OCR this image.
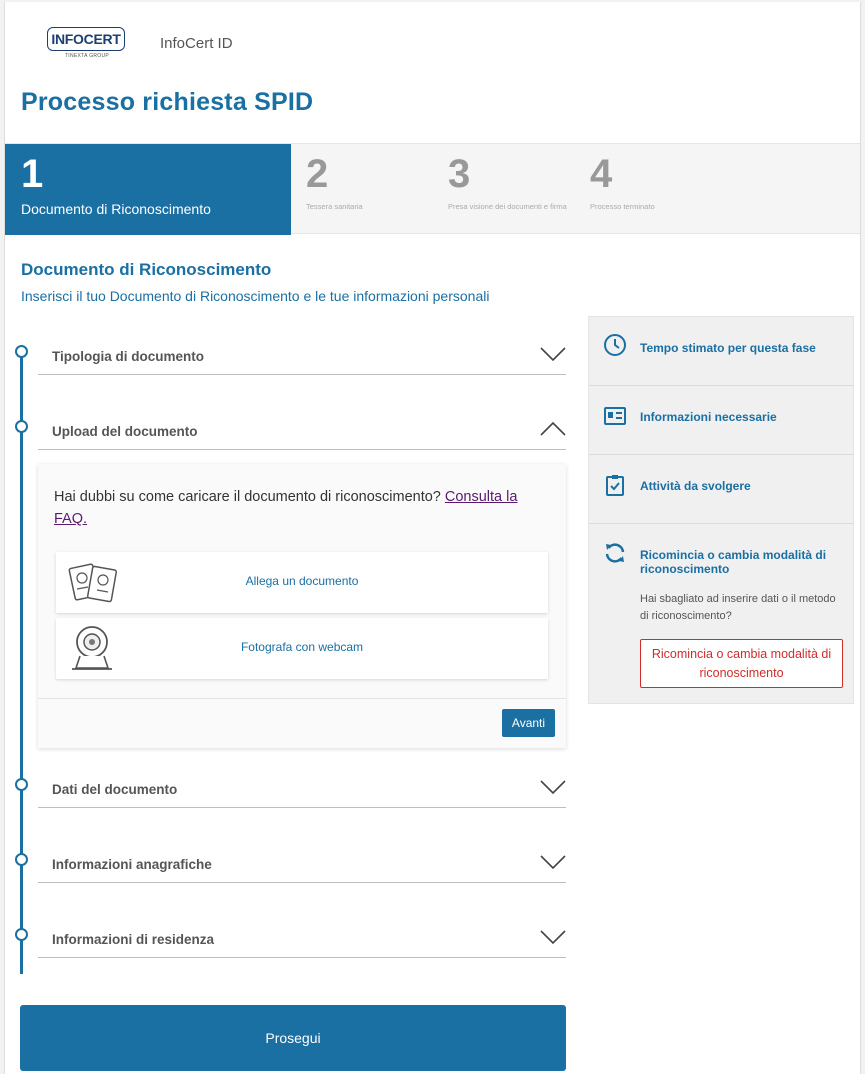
INFO CERT
TINEXTA GROUP
InfoCert ID
Processo richiesta SPID
1
Documento di Riconoscimento
2
Tessera sanitaria
3
Presa visione dei documenti e firma
4
Processo terminato
Documento di Riconoscimento
Inserisci il tuo Documento di Riconoscimento e le tue informazioni personali
Tipologia di documento
Upload del documento
Hai dubbi su come caricare il documento di riconoscimento? Consulta la FAQ.
Allega un documento
Fotografa con webcam
Avanti
Dati del documento
Informazioni anagrafiche
Informazioni di residenza
Prosegui
Tempo stimato per questa fase
Informazioni necessarie
Attività da svolgere
Ricomincia o cambia modalità di riconoscimento
Hai sbagliato ad inserire dati o il metodo di riconoscimento?
Ricomincia o cambia modalità di riconoscimento
